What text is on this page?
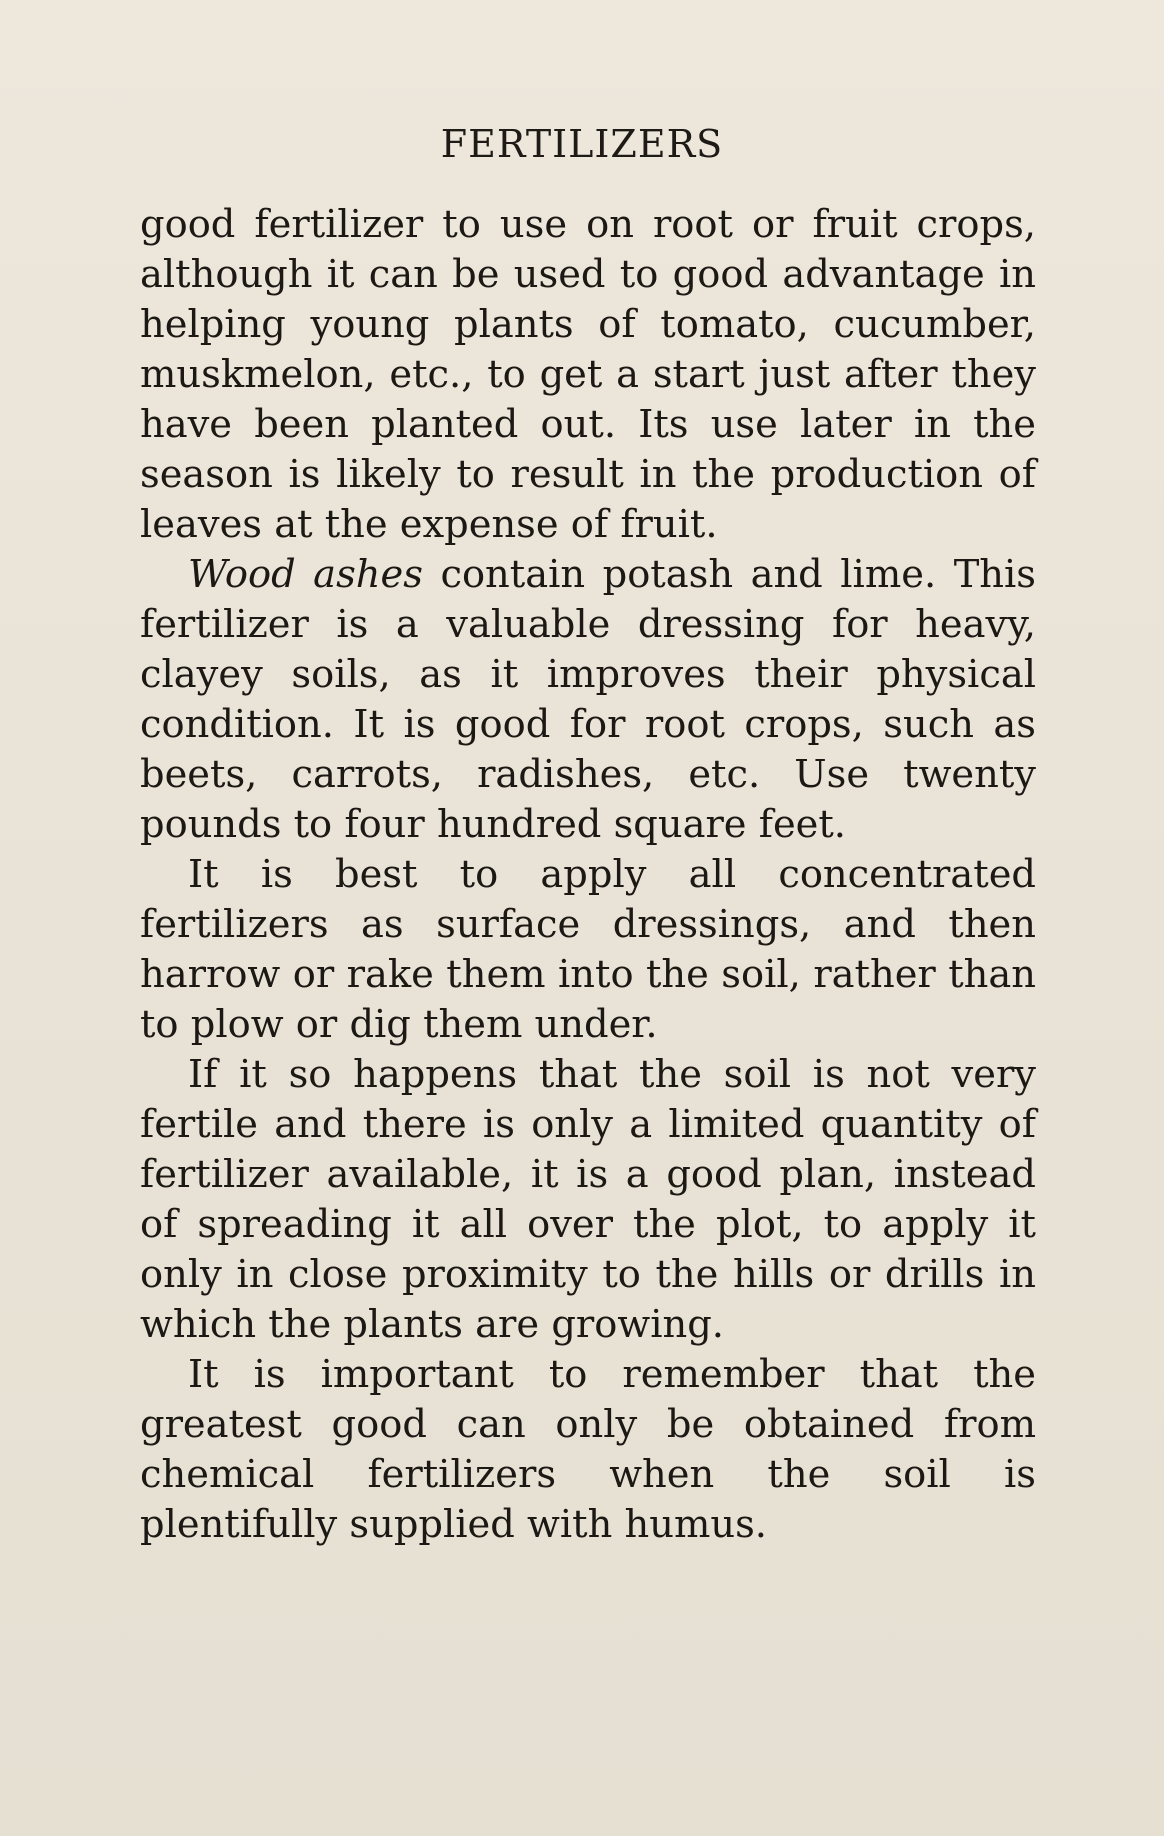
FERTILIZERS

good fertilizer to use on root or fruit crops, although it can be used to good advantage in helping young plants of tomato, cucumber, muskmelon, etc., to get a start just after they have been planted out. Its use later in the season is likely to result in the production of leaves at the expense of fruit.

Wood ashes contain potash and lime. This fertilizer is a valuable dressing for heavy, clayey soils, as it improves their physical condition. It is good for root crops, such as beets, carrots, radishes, etc. Use twenty pounds to four hundred square feet.

It is best to apply all concentrated fertilizers as surface dressings, and then harrow or rake them into the soil, rather than to plow or dig them under.

If it so happens that the soil is not very fertile and there is only a limited quantity of fertilizer available, it is a good plan, instead of spreading it all over the plot, to apply it only in close proximity to the hills or drills in which the plants are growing.

It is important to remember that the greatest good can only be obtained from chemical fertilizers when the soil is plentifully supplied with humus.
